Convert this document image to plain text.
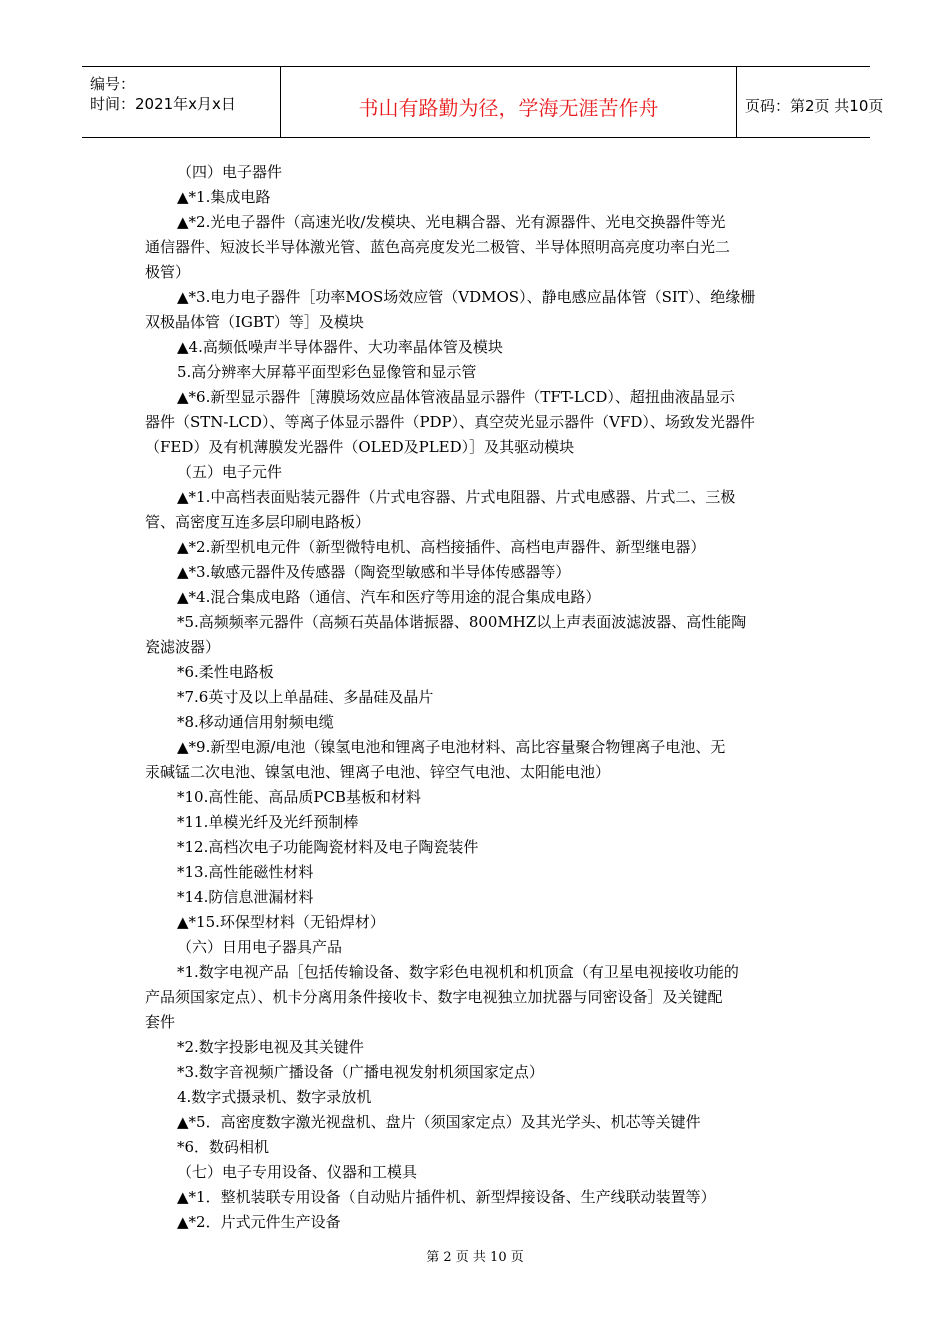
编号：
时间：2021年x月x日	书山有路勤为径，学海无涯苦作舟	页码：第2页 共10页
（四）电子器件
▲*1.集成电路
▲*2.光电子器件（高速光收/发模块、光电耦合器、光有源器件、光电交换器件等光
通信器件、短波长半导体激光管、蓝色高亮度发光二极管、半导体照明高亮度功率白光二
极管）
▲*3.电力电子器件［功率MOS场效应管（VDMOS）、静电感应晶体管（SIT）、绝缘栅
双极晶体管（IGBT）等］及模块
▲4.高频低噪声半导体器件、大功率晶体管及模块
5.高分辨率大屏幕平面型彩色显像管和显示管
▲*6.新型显示器件［薄膜场效应晶体管液晶显示器件（TFT-LCD）、超扭曲液晶显示
器件（STN-LCD）、等离子体显示器件（PDP）、真空荧光显示器件（VFD）、场致发光器件
（FED）及有机薄膜发光器件（OLED及PLED）］及其驱动模块
（五）电子元件
▲*1.中高档表面贴装元器件（片式电容器、片式电阻器、片式电感器、片式二、三极
管、高密度互连多层印刷电路板）
▲*2.新型机电元件（新型微特电机、高档接插件、高档电声器件、新型继电器）
▲*3.敏感元器件及传感器（陶瓷型敏感和半导体传感器等）
▲*4.混合集成电路（通信、汽车和医疗等用途的混合集成电路）
*5.高频频率元器件（高频石英晶体谐振器、800MHZ以上声表面波滤波器、高性能陶
瓷滤波器）
*6.柔性电路板
*7.6英寸及以上单晶硅、多晶硅及晶片
*8.移动通信用射频电缆
▲*9.新型电源/电池（镍氢电池和锂离子电池材料、高比容量聚合物锂离子电池、无
汞碱锰二次电池、镍氢电池、锂离子电池、锌空气电池、太阳能电池）
*10.高性能、高品质PCB基板和材料
*11.单模光纤及光纤预制棒
*12.高档次电子功能陶瓷材料及电子陶瓷装件
*13.高性能磁性材料
*14.防信息泄漏材料
▲*15.环保型材料（无铅焊材）
（六）日用电子器具产品
*1.数字电视产品［包括传输设备、数字彩色电视机和机顶盒（有卫星电视接收功能的
产品须国家定点）、机卡分离用条件接收卡、数字电视独立加扰器与同密设备］及关键配
套件
*2.数字投影电视及其关键件
*3.数字音视频广播设备（广播电视发射机须国家定点）
4.数字式摄录机、数字录放机
▲*5．高密度数字激光视盘机、盘片（须国家定点）及其光学头、机芯等关键件
*6．数码相机
（七）电子专用设备、仪器和工模具
▲*1．整机装联专用设备（自动贴片插件机、新型焊接设备、生产线联动装置等）
▲*2．片式元件生产设备
第 2 页 共 10 页
